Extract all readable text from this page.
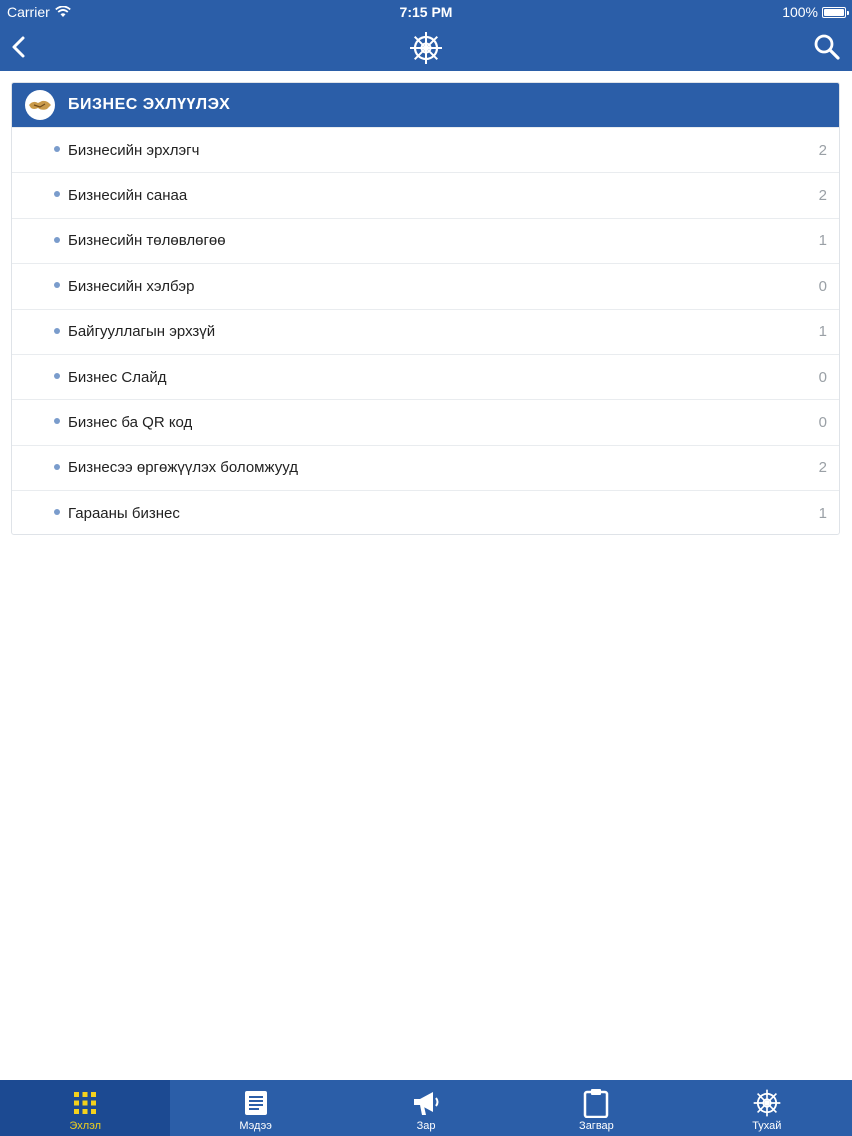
Carrier	7:15 PM	100%
БИЗНЕС ЭХЛҮҮЛЭХ
Бизнесийн эрхлэгч	2
Бизнесийн санаа	2
Бизнесийн төлөвлөгөө	1
Бизнесийн хэлбэр	0
Байгууллагын эрхзүй	1
Бизнес Слайд	0
Бизнес ба QR код	0
Бизнесээ өргөжүүлэх боломжууд	2
Гарааны бизнес	1
Эхлэл	Мэдээ	Зар	Загвар	Тухай
